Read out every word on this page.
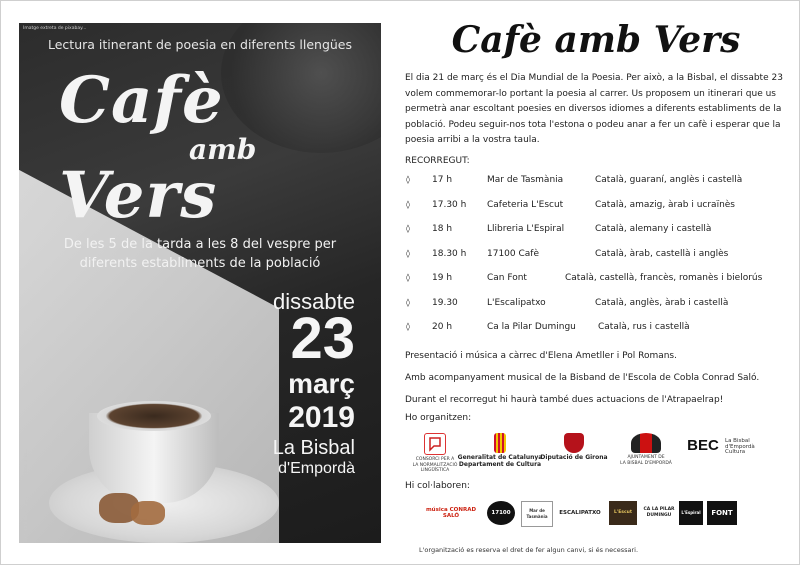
Imatge extreta de pixabay...
Text legal de la imatge i condicions d'ús...
Lectura itinerant de poesia en diferents llengües
Cafè
amb
Vers
De les 5 de la tarda a les 8 del vespre per
diferents establiments de la població
dissabte
23
març
2019
La Bisbal
d'Empordà
Cafè amb Vers
El dia 21 de març és el Dia Mundial de la Poesia. Per això, a la Bisbal, el dissabte 23 volem commemorar-lo portant la poesia al carrer. Us proposem un itinerari que us permetrà anar escoltant poesies en diversos idiomes a diferents establiments de la població. Podeu seguir-nos tota l'estona o podeu anar a fer un cafè i esperar que la poesia arribi a la vostra taula.
RECORREGUT:
◊ 17 h	Mar de Tasmània	Català, guaraní, anglès i castellà
◊ 17.30 h Cafeteria L'Escut	Català, amazig, àrab i ucraïnès
◊ 18 h	Llibreria L'Espiral	Català, alemany i castellà
◊ 18.30 h 17100 Cafè	Català, àrab, castellà i anglès
◊ 19 h	Can Font	Català, castellà, francès, romanès i bielorús
◊ 19.30	L'Escalipatxo	Català, anglès, àrab i castellà
◊ 20 h	Ca la Pilar Dumingu Català, rus i castellà
Presentació i música a càrrec d'Elena Ametller i Pol Romans.
Amb acompanyament musical de la Bisband de l'Escola de Cobla Conrad Saló.
Durant el recorregut hi haurà també dues actuacions de l'Atrapaelrap!
Ho organitzen:
CONSORCI PER A
LA NORMALITZACIÓ
LINGÜÍSTICA
Generalitat de Catalunya
Departament de Cultura
Diputació de Girona	AJUNTAMENT DE
LA BISBAL D'EMPORDÀ
BEC La Bisbal
d'Empordà
Cultura
Hi col·laboren:
música CONRAD SALÓ	17100	Mar de Tasmània
ESCALIPATXO	L'Escut
CA LA PILAR DUMINGU
L'Espiral	FONT
L'organització es reserva el dret de fer algun canvi, si és necessari.
